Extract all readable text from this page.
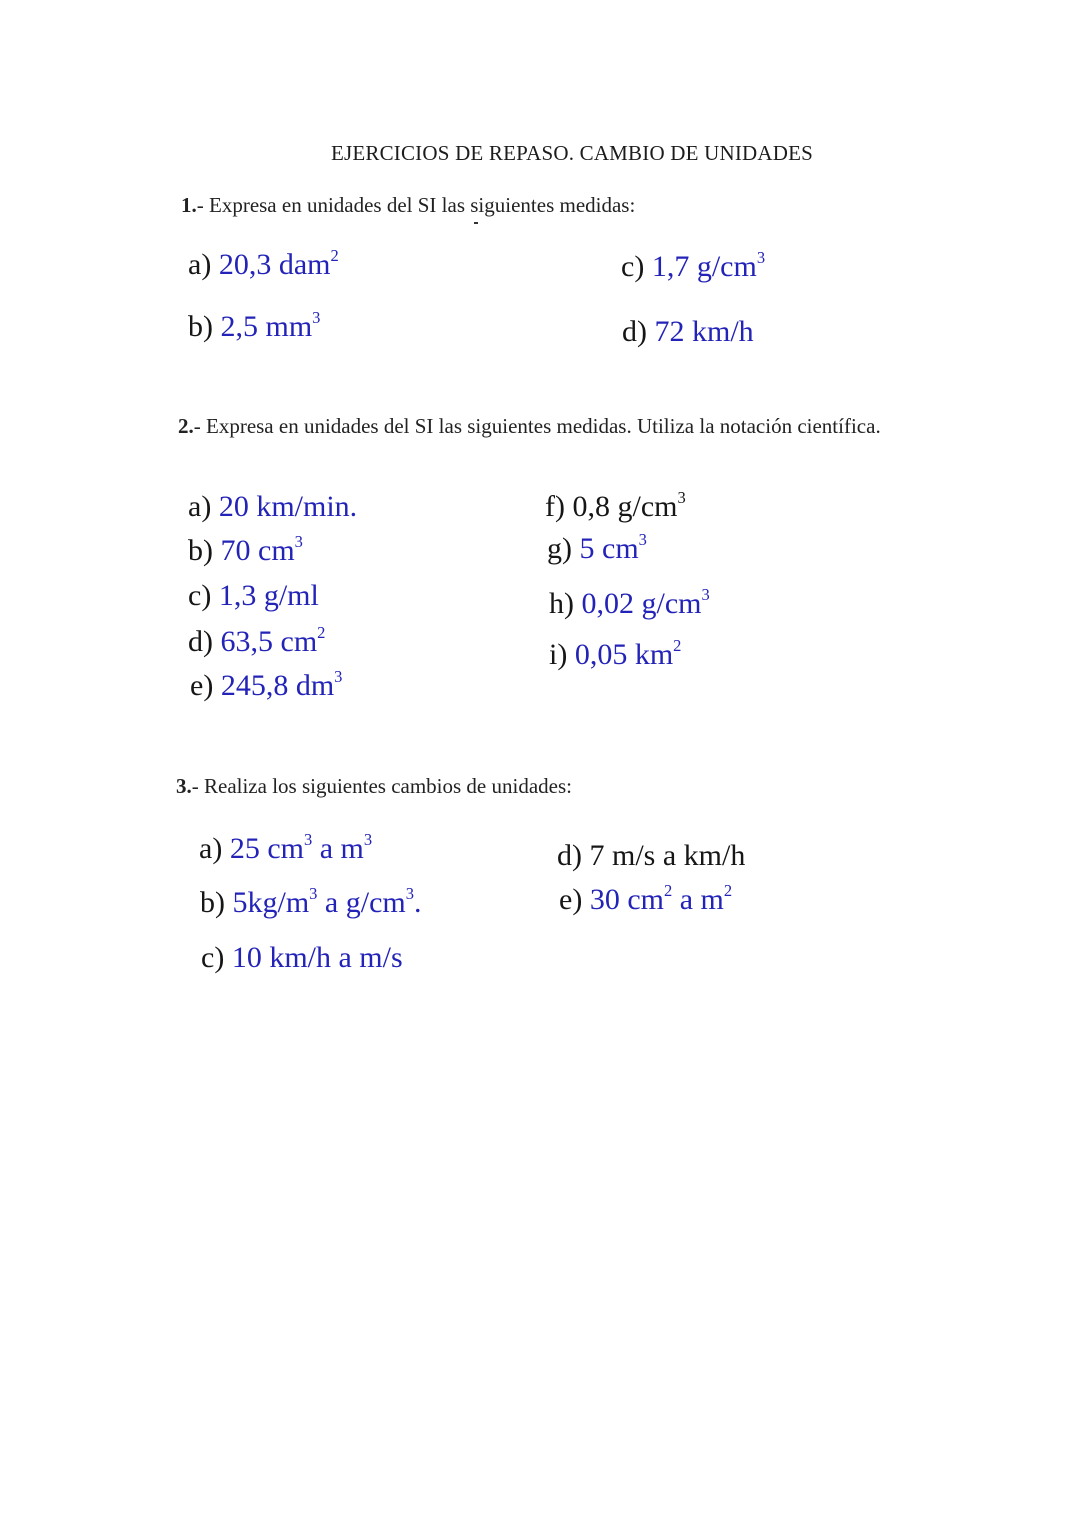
EJERCICIOS DE REPASO. CAMBIO DE UNIDADES
1.- Expresa en unidades del SI las siguientes medidas:
a) 20,3 dam$^2$
b) 2,5 $mm^3$
c) 1,7 $g/cm^3$
d) 72 km/h
2.- Expresa en unidades del SI las siguientes medidas. Utiliza la notación científica.
a) 20 km/min.
b) 70 $cm^3$
c) 1,3 g/ml
d) 63,5 $cm^2$
e) 245,8 $dm^3$
f) 0,8 $g/cm^3$
g) 5 $cm^3$
h) 0,02 $g/cm^3$
i) 0,05 $km^2$
3.- Realiza los siguientes cambios de unidades:
a) 25 $cm^3$ a $m^3$
b) $5kg/m^3$ a $g/cm^3$.
c) 10 km/h a m/s
d) 7 m/s a km/h
e) 30 $cm^2$ a $m^2$
